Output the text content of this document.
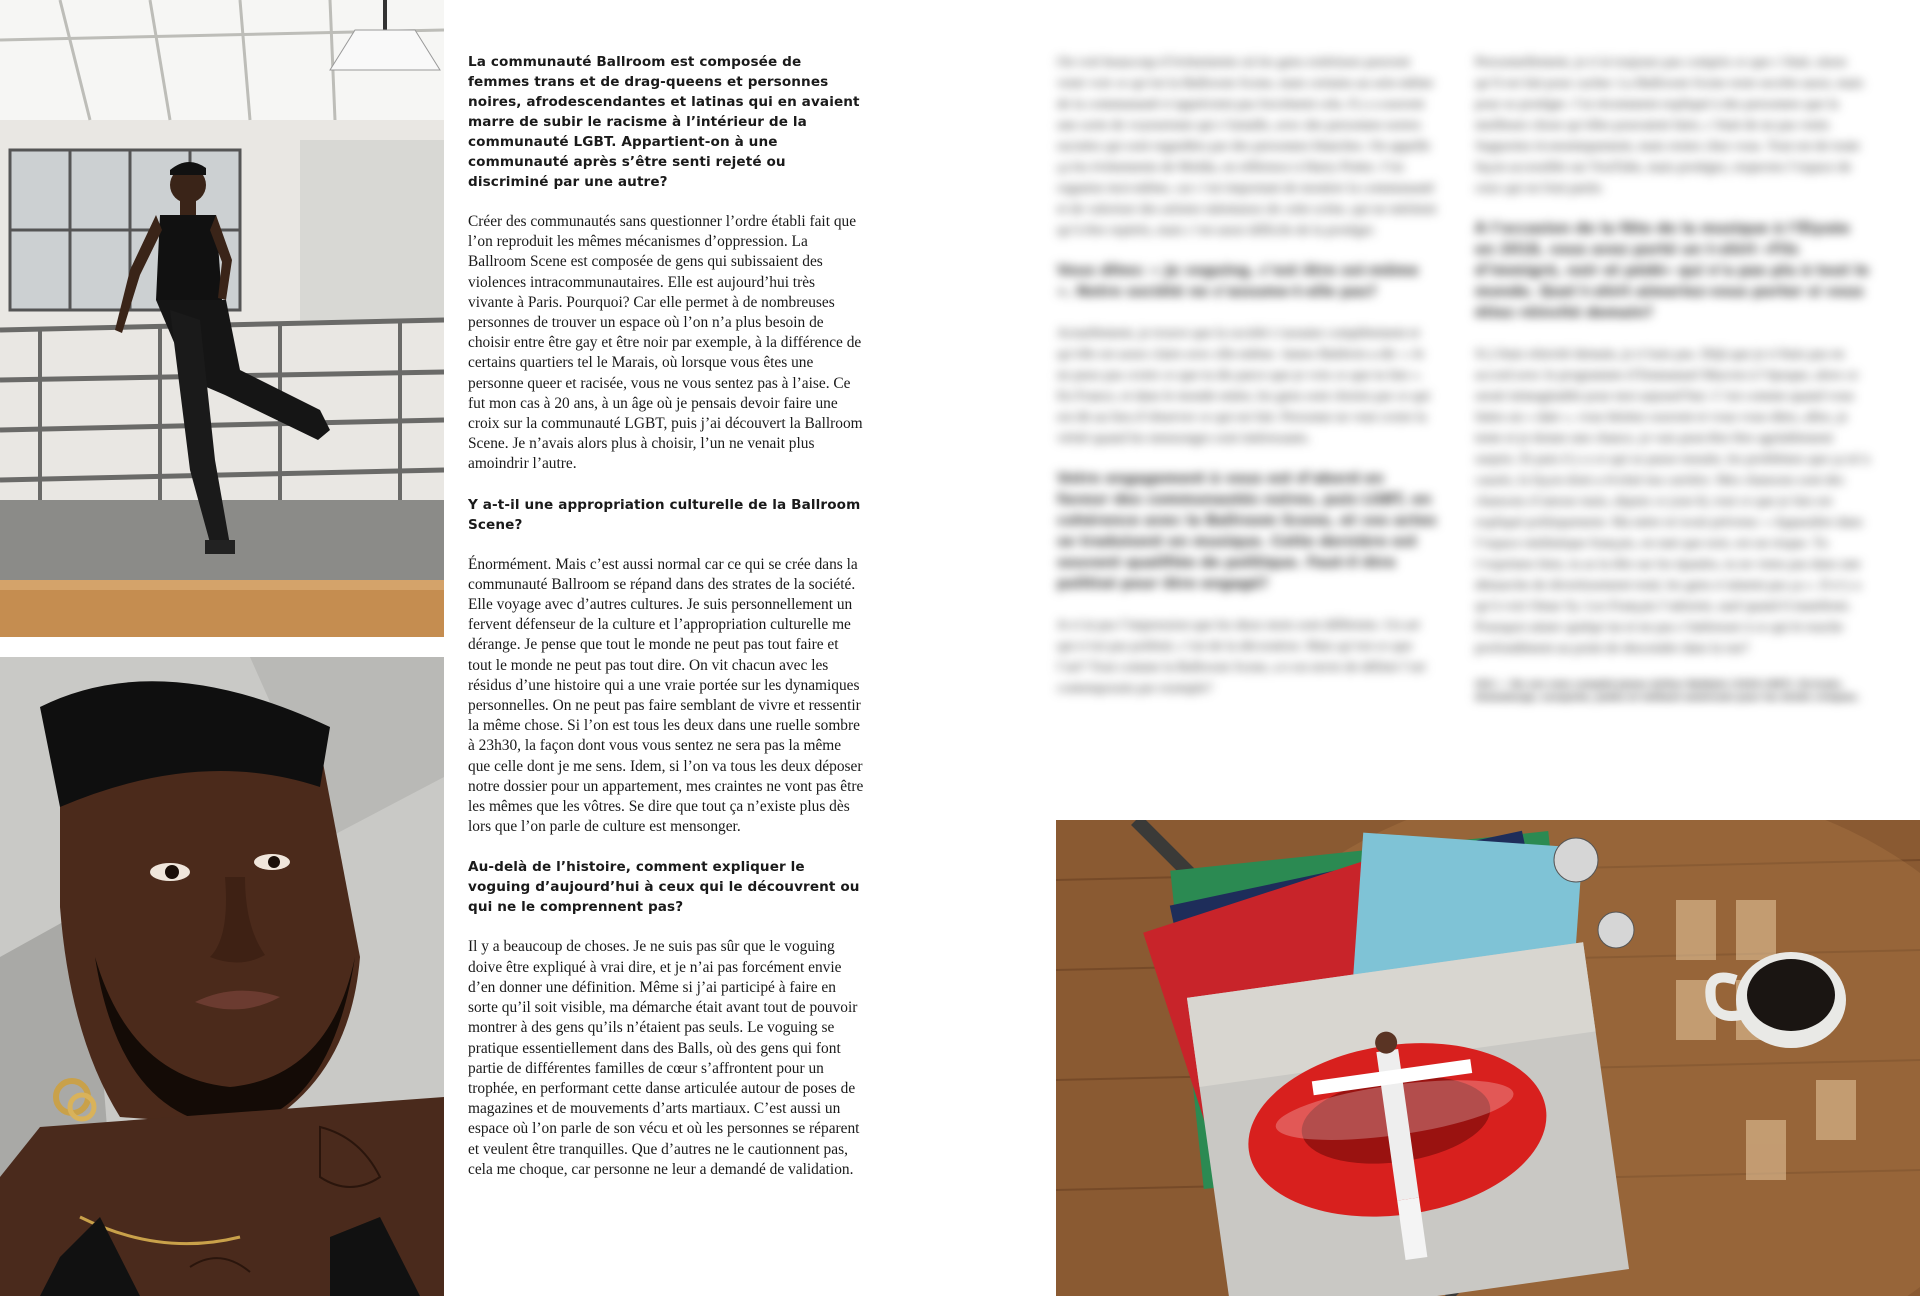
La communauté Ballroom est composée de femmes trans et de drag-queens et personnes noires, afrodescendantes et latinas qui en avaient marre de subir le racisme à l’intérieur de la communauté LGBT. Appartient-on à une communauté après s’être senti rejeté ou discriminé par une autre?

Créer des communautés sans questionner l’ordre établi fait que l’on reproduit les mêmes mécanismes d’oppression. La Ballroom Scene est composée de gens qui subissaient des violences intracommunautaires. Elle est aujourd’hui très vivante à Paris. Pourquoi? Car elle permet à de nombreuses personnes de trouver un espace où l’on n’a plus besoin de choisir entre être gay et être noir par exemple, à la différence de certains quartiers tel le Marais, où lorsque vous êtes une personne queer et racisée, vous ne vous sentez pas à l’aise. Ce fut mon cas à 20 ans, à un âge où je pensais devoir faire une croix sur la communauté LGBT, puis j’ai découvert la Ballroom Scene. Je n’avais alors plus à choisir, l’un ne venait plus amoindrir l’autre.

Y a-t-il une appropriation culturelle de la Ballroom Scene?

Énormément. Mais c’est aussi normal car ce qui se crée dans la communauté Ballroom se répand dans des strates de la société. Elle voyage avec d’autres cultures. Je suis personnellement un fervent défenseur de la culture et l’appropriation culturelle me dérange. Je pense que tout le monde ne peut pas tout faire et tout le monde ne peut pas tout dire. On vit chacun avec les résidus d’une histoire qui a une vraie portée sur les dynamiques personnelles. On ne peut pas faire semblant de vivre et ressentir la même chose. Si l’on est tous les deux dans une ruelle sombre à 23h30, la façon dont vous vous sentez ne sera pas la même que celle dont je me sens. Idem, si l’on va tous les deux déposer notre dossier pour un appartement, mes craintes ne vont pas être les mêmes que les vôtres. Se dire que tout ça n’existe plus dès lors que l’on parle de culture est mensonger.

Au-delà de l’histoire, comment expliquer le voguing d’aujourd’hui à ceux qui le découvrent ou qui ne le comprennent pas?

Il y a beaucoup de choses. Je ne suis pas sûr que le voguing doive être expliqué à vrai dire, et je n’ai pas forcément envie d’en donner une définition. Même si j’ai participé à faire en sorte qu’il soit visible, ma démarche était avant tout de pouvoir montrer à des gens qu’ils n’étaient pas seuls. Le voguing se pratique essentiellement dans des Balls, où des gens qui font partie de différentes familles de cœur s’affrontent pour un trophée, en performant cette danse articulée autour de poses de magazines et de mouvements d’arts martiaux. C’est aussi un espace où l’on parle de son vécu et où les personnes se réparent et veulent être tranquilles. Que d’autres ne le cautionnent pas, cela me choque, car personne ne leur a demandé de validation.

On voit beaucoup d’événements où les gens extérieurs peuvent venir voir ce qu’est la Ballroom Scene, mais certains au sein même de la communauté n’apprécient pas forcément cela. Il y a souvent une sorte de voyeurisme qui s’installe, avec des personnes noires racisées qui sont regardées par des personnes blanches. On appelle ça les événements de Moldu, en référence à Harry Potter. J’en organise moi-même, car c’est important de montrer la communauté et de valoriser des artistes talentueux de cette scène, qui ne méritent qu’à être repérés, mais c’est aussi difficile de la protéger.

Vous dites: « Je voguing, c’est être soi-même ». Notre société ne s’assume-t-elle pas?

Actuellement, je trouve que la société s’assume complètement et qu’elle est assez claire avec elle-même. James Baldwin a dit: « Je ne peux pas croire ce que tu dis parce que je vois ce que tu fais ». En France, et dans le monde entier, les gens sont choisis par ce qui est dit au lieu d’observer ce qui est fait. Personne ne veut croire la vérité quand les mensonges sont intéressants.

Votre engagement à vous est d’abord en faveur des communautés noires, puis LGBT, en cohérence avec la Ballroom Scene, et vos actes se traduisent en musique. Cette dernière est souvent qualifiée de politique. Faut-il être politisé pour être engagé?

Je n’ai pas l’impression que les deux mots sont différents. Un art qui n’est pas politisé, c’est de la décoration. Mais qu’est-ce que l’art? Tout comme la Ballroom Scene, a-t-on envie de définir l’art contemporain par exemple?

Personnellement, je n’ai toujours pas compris ce que c’était, sinon qu’il est fait pour cacher. La Ballroom Scene reste secrète aussi, mais pour se protéger. J’ai récemment expliqué à des personnes que la meilleure chose qu’elles pouvaient faire, c’était de ne pas venir. Supportez économiquement, mais restez chez vous. Tout est de toute façon accessible sur YouTube, mais protégez, respectez l’espace de ceux qui en font partie.

À l’occasion de la fête de la musique à l’Élysée en 2018, vous avez porté un t-shirt «Fils d’immigré, noir et pédé» qui n’a pas plu à tout le monde. Quel t-shirt aimeriez-vous porter si vous étiez réinvité demain?

Si j’étais réinvité demain, je n’irais pas. Déjà que je n’étais pas en accord avec le programme d’Emmanuel Macron à l’époque, alors ce serait inimaginable pour moi aujourd’hui. C’est comme quand vous faites un « date », vous hésitez souvent et vous vous dites, allez, je tente et je donne une chance, je vais peut-être être agréablement surpris. Et puis il y a ce qui se passe ensuite, les problèmes que ça m’a causés, la façon dont a évolué ma carrière. Mes chansons sont des chansons d’amour mais, depuis ce jour-là, tout ce que je fais est expliqué politiquement. Ma mère m’avait prévenu: « Apparaître dans l’espace médiatique français, en tant que noir, est un risque. Tu t’exprimes bien, tu as la tête sur les épaules, tu ne viens pas dans une démarche de divertissement total, les gens n’aiment pas ça ». Il n’y a qu’à voir Omar Sy. Les Français l’adorent, sauf quand il manifeste. Pourquoi aimer quelqu’un et ne pas s’intéresser à ce qui le touche profondément au point de descendre dans la rue?

(01) — De son nom complet James Arthur Baldwin (1924-1987). Écrivain, dramaturge, essayiste, poète et militant américain pour les droits civiques.
